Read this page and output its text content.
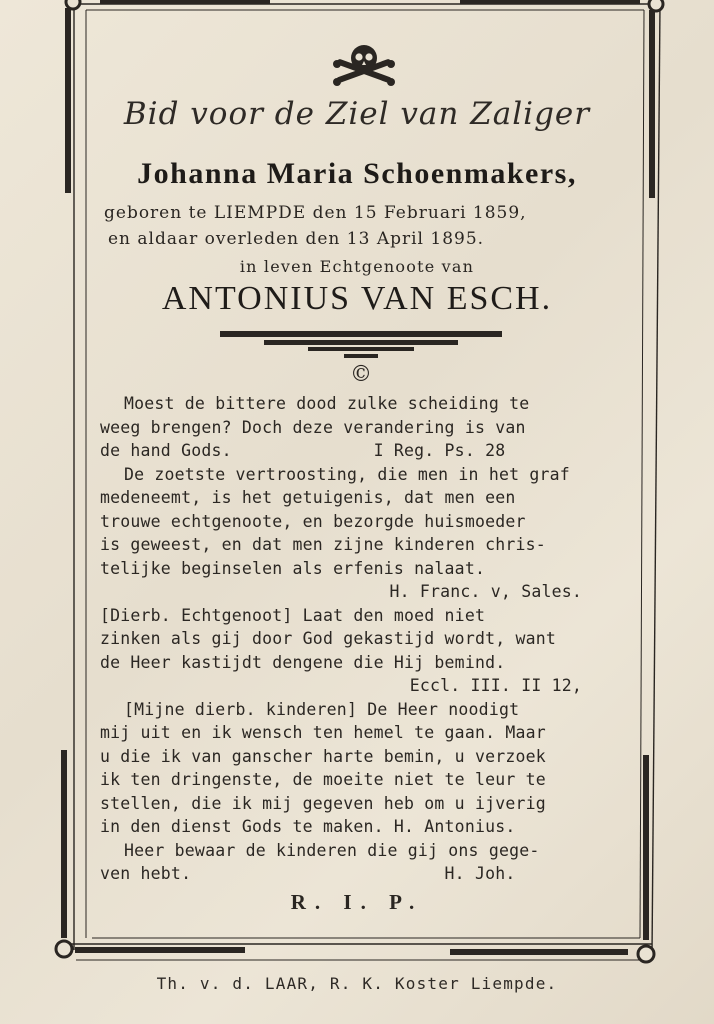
Bid voor de Ziel van Zaliger
Johanna Maria Schoenmakers,
geboren te LIEMPDE den 15 Februari 1859,
en aldaar overleden den 13 April 1895.
in leven Echtgenoote van
ANTONIUS VAN ESCH.
©
Moest de bittere dood zulke scheiding te
weeg brengen? Doch deze verandering is van
de hand Gods.              I Reg. Ps. 28
De zoetste vertroosting, die men in het graf
medeneemt, is het getuigenis, dat men een
trouwe echtgenoote, en bezorgde huismoeder
is geweest, en dat men zijne kinderen chris-
telijke beginselen als erfenis nalaat.
H. Franc. v, Sales.
[Dierb. Echtgenoot] Laat den moed niet
zinken als gij door God gekastijd wordt, want
de Heer kastijdt dengene die Hij bemind.
Eccl. III. II 12,
[Mijne dierb. kinderen] De Heer noodigt
mij uit en ik wensch ten hemel te gaan. Maar
u die ik van ganscher harte bemin, u verzoek
ik ten dringenste, de moeite niet te leur te
stellen, die ik mij gegeven heb om u ijverig
in den dienst Gods te maken. H. Antonius.
Heer bewaar de kinderen die gij ons gege-
ven hebt.                         H. Joh.
R. I. P.
Th. v. d. LAAR, R. K. Koster Liempde.
